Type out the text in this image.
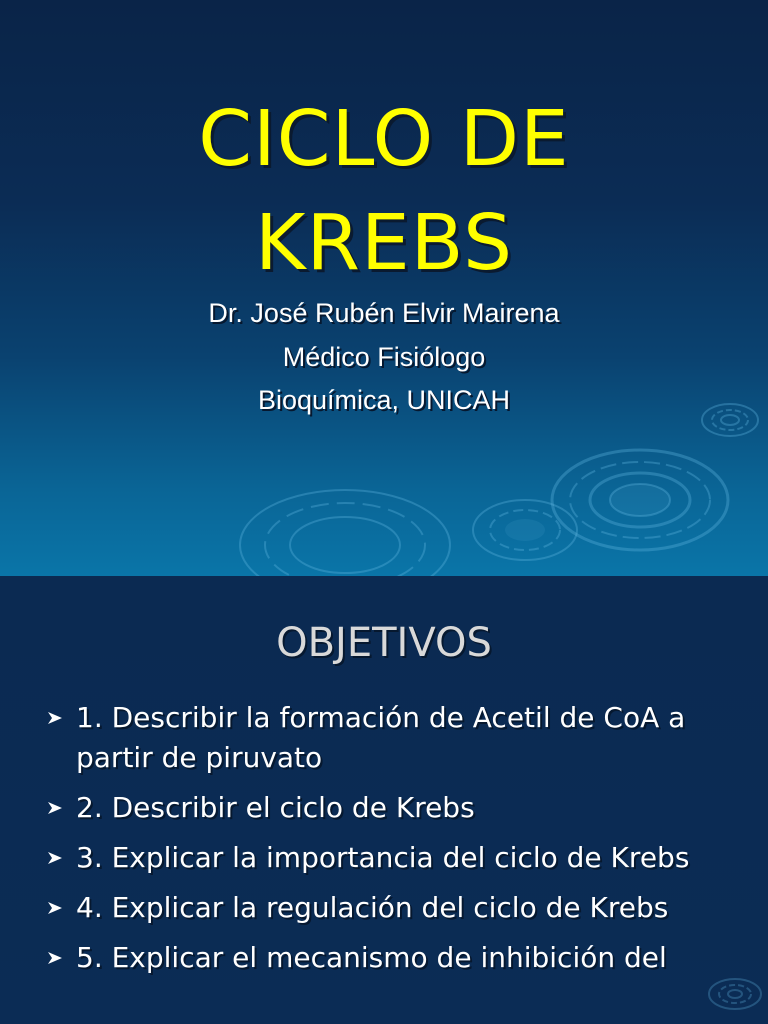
CICLO DE
KREBS
Dr. José Rubén Elvir Mairena
Médico Fisiólogo
Bioquímica, UNICAH
OBJETIVOS
1. Describir la formación de Acetil de CoA a partir de piruvato
2. Describir el ciclo de Krebs
3. Explicar la importancia del ciclo de Krebs
4. Explicar la regulación del ciclo de Krebs
5. Explicar el mecanismo de inhibición del
